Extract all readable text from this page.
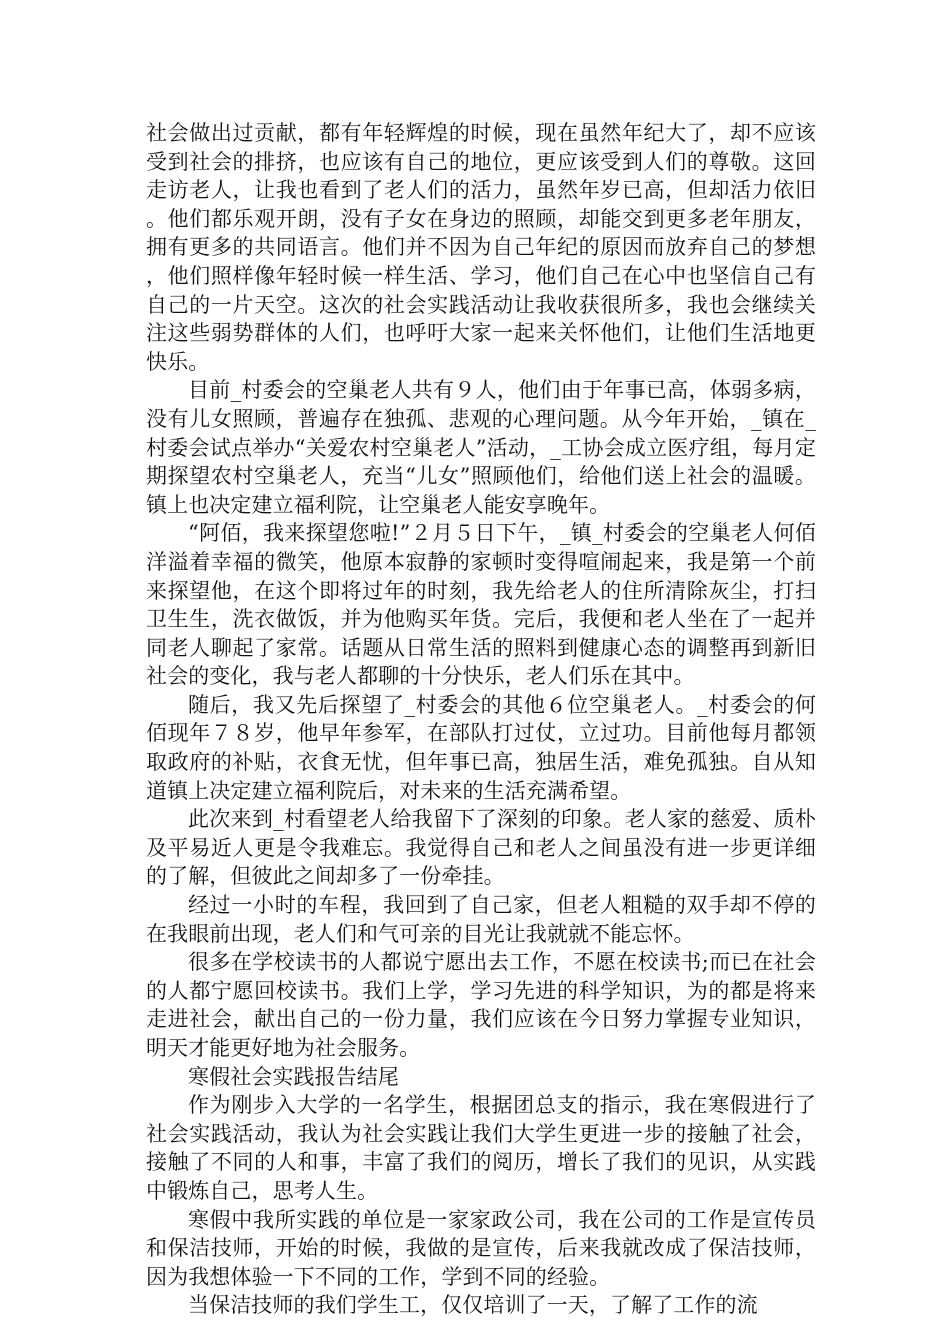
社会做出过贡献，都有年轻辉煌的时候，现在虽然年纪大了，却不应该受到社会的排挤，也应该有自己的地位，更应该受到人们的尊敬。这回走访老人，让我也看到了老人们的活力，虽然年岁已高，但却活力依旧。他们都乐观开朗，没有子女在身边的照顾，却能交到更多老年朋友，拥有更多的共同语言。他们并不因为自己年纪的原因而放弃自己的梦想，他们照样像年轻时候一样生活、学习，他们自己在心中也坚信自己有自己的一片天空。这次的社会实践活动让我收获很所多，我也会继续关注这些弱势群体的人们，也呼吁大家一起来关怀他们，让他们生活地更快乐。

目前_村委会的空巢老人共有９人，他们由于年事已高，体弱多病，没有儿女照顾，普遍存在独孤、悲观的心理问题。从今年开始，_镇在_村委会试点举办“关爱农村空巢老人”活动，_工协会成立医疗组，每月定期探望农村空巢老人，充当“儿女”照顾他们，给他们送上社会的温暖。镇上也决定建立福利院，让空巢老人能安享晚年。

“阿佰，我来探望您啦!”２月５日下午，_镇_村委会的空巢老人何佰洋溢着幸福的微笑，他原本寂静的家顿时变得喧闹起来，我是第一个前来探望他，在这个即将过年的时刻，我先给老人的住所清除灰尘，打扫卫生生，洗衣做饭，并为他购买年货。完后，我便和老人坐在了一起并同老人聊起了家常。话题从日常生活的照料到健康心态的调整再到新旧社会的变化，我与老人都聊的十分快乐，老人们乐在其中。

随后，我又先后探望了_村委会的其他６位空巢老人。_村委会的何佰现年７８岁，他早年参军，在部队打过仗，立过功。目前他每月都领取政府的补贴，衣食无忧，但年事已高，独居生活，难免孤独。自从知道镇上决定建立福利院后，对未来的生活充满希望。

此次来到_村看望老人给我留下了深刻的印象。老人家的慈爱、质朴及平易近人更是令我难忘。我觉得自己和老人之间虽没有进一步更详细的了解，但彼此之间却多了一份牵挂。

经过一小时的车程，我回到了自己家，但老人粗糙的双手却不停的在我眼前出现，老人们和气可亲的目光让我就就不能忘怀。

很多在学校读书的人都说宁愿出去工作，不愿在校读书;而已在社会的人都宁愿回校读书。我们上学，学习先进的科学知识，为的都是将来走进社会，献出自己的一份力量，我们应该在今日努力掌握专业知识，明天才能更好地为社会服务。

寒假社会实践报告结尾

作为刚步入大学的一名学生，根据团总支的指示，我在寒假进行了社会实践活动，我认为社会实践让我们大学生更进一步的接触了社会，接触了不同的人和事，丰富了我们的阅历，增长了我们的见识，从实践中锻炼自己，思考人生。

寒假中我所实践的单位是一家家政公司，我在公司的工作是宣传员和保洁技师，开始的时候，我做的是宣传，后来我就改成了保洁技师，因为我想体验一下不同的工作，学到不同的经验。

当保洁技师的我们学生工，仅仅培训了一天，了解了工作的流
